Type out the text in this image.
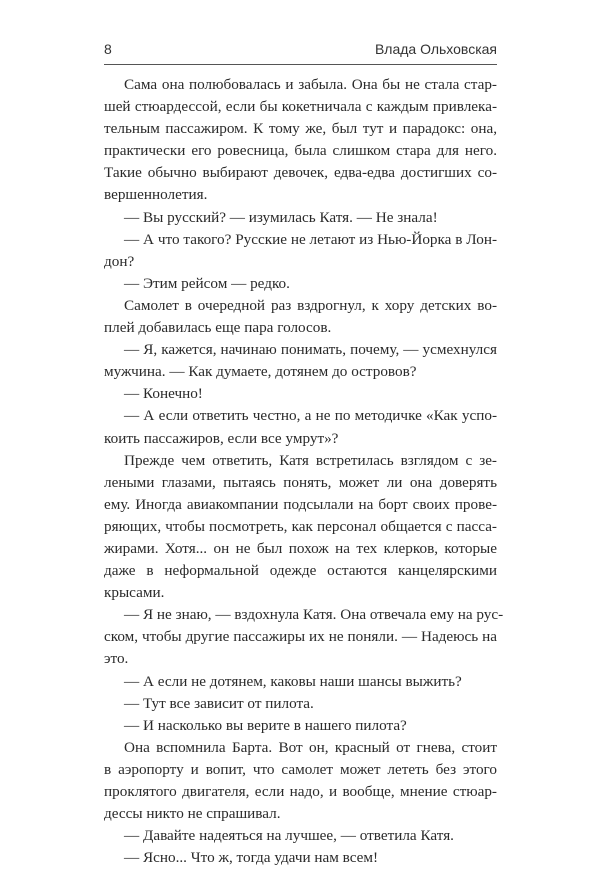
8	Влада Ольховская
Сама она полюбовалась и забыла. Она бы не стала стар-
шей стюардессой, если бы кокетничала с каждым привлека-
тельным пассажиром. К тому же, был тут и парадокс: она,
практически его ровесница, была слишком стара для него.
Такие обычно выбирают девочек, едва-едва достигших со-
вершеннолетия.
— Вы русский? — изумилась Катя. — Не знала!
— А что такого? Русские не летают из Нью-Йорка в Лон-
дон?
— Этим рейсом — редко.
Самолет в очередной раз вздрогнул, к хору детских во-
плей добавилась еще пара голосов.
— Я, кажется, начинаю понимать, почему, — усмехнулся
мужчина. — Как думаете, дотянем до островов?
— Конечно!
— А если ответить честно, а не по методичке «Как успо-
коить пассажиров, если все умрут»?
Прежде чем ответить, Катя встретилась взглядом с зе-
леными глазами, пытаясь понять, может ли она доверять
ему. Иногда авиакомпании подсылали на борт своих прове-
ряющих, чтобы посмотреть, как персонал общается с пасса-
жирами. Хотя... он не был похож на тех клерков, которые
даже в неформальной одежде остаются канцелярскими
крысами.
— Я не знаю, — вздохнула Катя. Она отвечала ему на рус-
ском, чтобы другие пассажиры их не поняли. — Надеюсь на
это.
— А если не дотянем, каковы наши шансы выжить?
— Тут все зависит от пилота.
— И насколько вы верите в нашего пилота?
Она вспомнила Барта. Вот он, красный от гнева, стоит
в аэропорту и вопит, что самолет может лететь без этого
проклятого двигателя, если надо, и вообще, мнение стюар-
дессы никто не спрашивал.
— Давайте надеяться на лучшее, — ответила Катя.
— Ясно... Что ж, тогда удачи нам всем!
